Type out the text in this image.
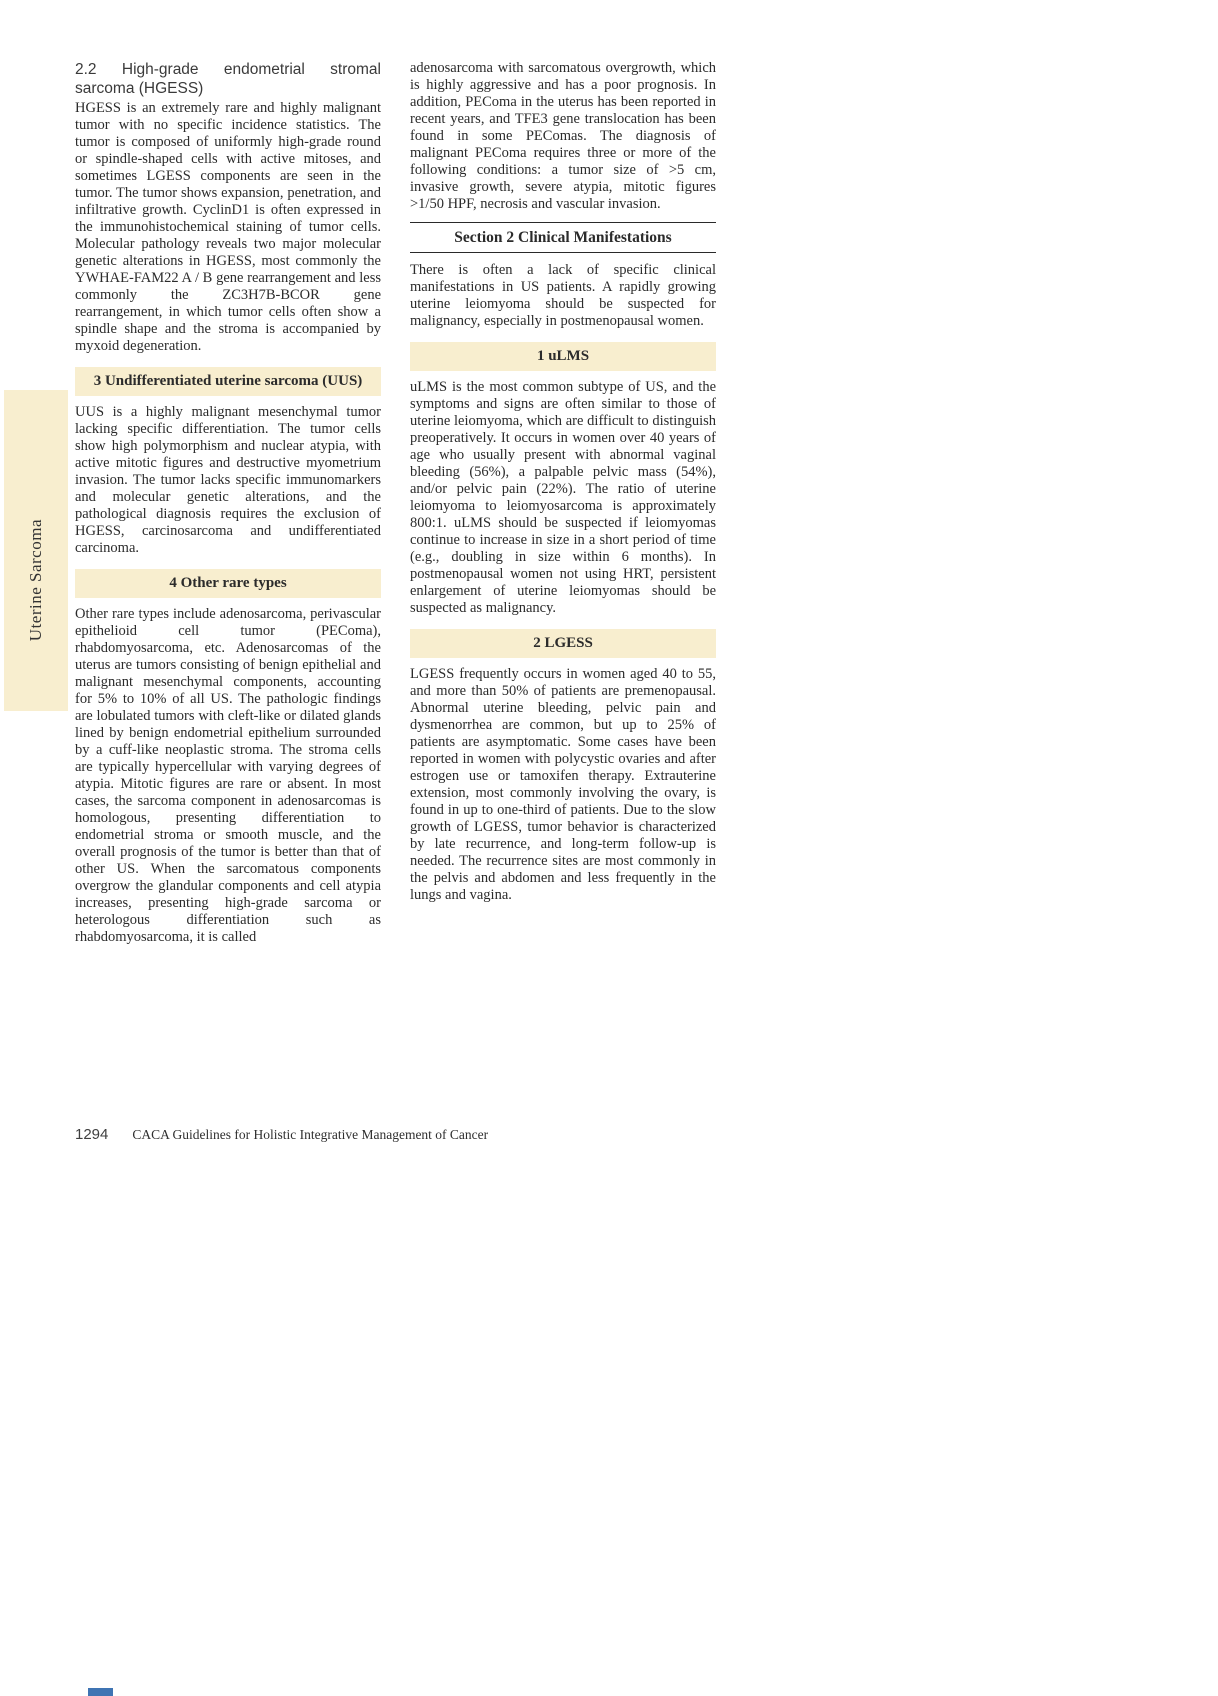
Uterine Sarcoma
2.2 High-grade endometrial stromal sarcoma (HGESS)

HGESS is an extremely rare and highly malignant tumor with no specific incidence statistics. The tumor is composed of uniformly high-grade round or spindle-shaped cells with active mitoses, and sometimes LGESS components are seen in the tumor. The tumor shows expansion, penetration, and infiltrative growth. CyclinD1 is often expressed in the immunohistochemical staining of tumor cells. Molecular pathology reveals two major molecular genetic alterations in HGESS, most commonly the YWHAE-FAM22 A / B gene rearrangement and less commonly the ZC3H7B-BCOR gene rearrangement, in which tumor cells often show a spindle shape and the stroma is accompanied by myxoid degeneration.

3 Undifferentiated uterine sarcoma (UUS)

UUS is a highly malignant mesenchymal tumor lacking specific differentiation. The tumor cells show high polymorphism and nuclear atypia, with active mitotic figures and destructive myometrium invasion. The tumor lacks specific immunomarkers and molecular genetic alterations, and the pathological diagnosis requires the exclusion of HGESS, carcinosarcoma and undifferentiated carcinoma.

4 Other rare types

Other rare types include adenosarcoma, perivascular epithelioid cell tumor (PEComa), rhabdomyosarcoma, etc. Adenosarcomas of the uterus are tumors consisting of benign epithelial and malignant mesenchymal components, accounting for 5% to 10% of all US. The pathologic findings are lobulated tumors with cleft-like or dilated glands lined by benign endometrial epithelium surrounded by a cuff-like neoplastic stroma. The stroma cells are typically hypercellular with varying degrees of atypia. Mitotic figures are rare or absent. In most cases, the sarcoma component in adenosarcomas is homologous, presenting differentiation to endometrial stroma or smooth muscle, and the overall prognosis of the tumor is better than that of other US. When the sarcomatous components overgrow the glandular components and cell atypia increases, presenting high-grade sarcoma or heterologous differentiation such as rhabdomyosarcoma, it is called

adenosarcoma with sarcomatous overgrowth, which is highly aggressive and has a poor prognosis. In addition, PEComa in the uterus has been reported in recent years, and TFE3 gene translocation has been found in some PEComas. The diagnosis of malignant PEComa requires three or more of the following conditions: a tumor size of >5 cm, invasive growth, severe atypia, mitotic figures >1/50 HPF, necrosis and vascular invasion.

Section 2 Clinical Manifestations

There is often a lack of specific clinical manifestations in US patients. A rapidly growing uterine leiomyoma should be suspected for malignancy, especially in postmenopausal women.

1 uLMS

uLMS is the most common subtype of US, and the symptoms and signs are often similar to those of uterine leiomyoma, which are difficult to distinguish preoperatively. It occurs in women over 40 years of age who usually present with abnormal vaginal bleeding (56%), a palpable pelvic mass (54%), and/or pelvic pain (22%). The ratio of uterine leiomyoma to leiomyosarcoma is approximately 800:1. uLMS should be suspected if leiomyomas continue to increase in size in a short period of time (e.g., doubling in size within 6 months). In postmenopausal women not using HRT, persistent enlargement of uterine leiomyomas should be suspected as malignancy.

2 LGESS

LGESS frequently occurs in women aged 40 to 55, and more than 50% of patients are premenopausal. Abnormal uterine bleeding, pelvic pain and dysmenorrhea are common, but up to 25% of patients are asymptomatic. Some cases have been reported in women with polycystic ovaries and after estrogen use or tamoxifen therapy. Extrauterine extension, most commonly involving the ovary, is found in up to one-third of patients. Due to the slow growth of LGESS, tumor behavior is characterized by late recurrence, and long-term follow-up is needed. The recurrence sites are most commonly in the pelvis and abdomen and less frequently in the lungs and vagina.

1294 CACA Guidelines for Holistic Integrative Management of Cancer
